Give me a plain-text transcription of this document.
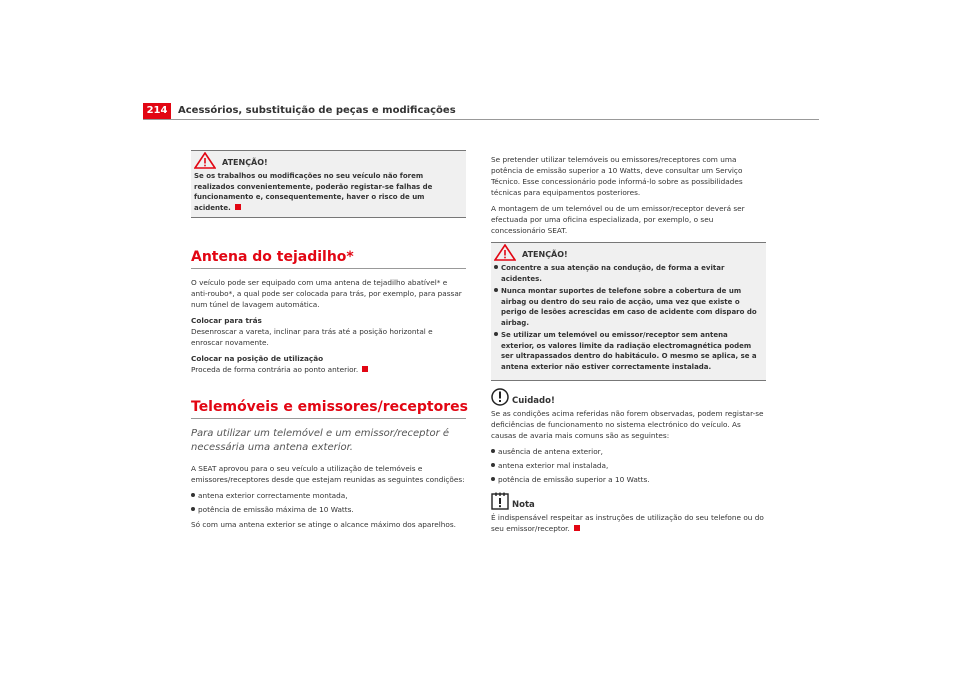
214	Acessórios, substituição de peças e modificações
ATENÇÃO!
Se os trabalhos ou modificações no seu veículo não forem realizados convenientemente, poderão registar-se falhas de funcionamento e, consequentemente, haver o risco de um acidente.
Antena do tejadilho*

O veículo pode ser equipado com uma antena de tejadilho abatível* e anti-roubo*, a qual pode ser colocada para trás, por exemplo, para passar num túnel de lavagem automática.

Colocar para trás

Desenroscar a vareta, inclinar para trás até a posição horizontal e enroscar novamente.

Colocar na posição de utilização

Proceda de forma contrária ao ponto anterior.

Telemóveis e emissores/receptores

Para utilizar um telemóvel e um emissor/receptor é necessária uma antena exterior.

A SEAT aprovou para o seu veículo a utilização de telemóveis e emissores/receptores desde que estejam reunidas as seguintes condições:

antena exterior correctamente montada,
potência de emissão máxima de 10 Watts.

Só com uma antena exterior se atinge o alcance máximo dos aparelhos.

Se pretender utilizar telemóveis ou emissores/receptores com uma potência de emissão superior a 10 Watts, deve consultar um Serviço Técnico. Esse concessionário pode informá-lo sobre as possibilidades técnicas para equipamentos posteriores.

A montagem de um telemóvel ou de um emissor/receptor deverá ser efectuada por uma oficina especializada, por exemplo, o seu concessionário SEAT.

ATENÇÃO!
Concentre a sua atenção na condução, de forma a evitar acidentes.
Nunca montar suportes de telefone sobre a cobertura de um airbag ou dentro do seu raio de acção, uma vez que existe o perigo de lesões acrescidas em caso de acidente com disparo do airbag.
Se utilizar um telemóvel ou emissor/receptor sem antena exterior, os valores limite da radiação electromagnética podem ser ultrapassados dentro do habitáculo. O mesmo se aplica, se a antena exterior não estiver correctamente instalada.
Cuidado!

Se as condições acima referidas não forem observadas, podem registar-se deficiências de funcionamento no sistema electrónico do veículo. As causas de avaria mais comuns são as seguintes:

ausência de antena exterior,
antena exterior mal instalada,
potência de emissão superior a 10 Watts.
Nota

É indispensável respeitar as instruções de utilização do seu telefone ou do seu emissor/receptor.
